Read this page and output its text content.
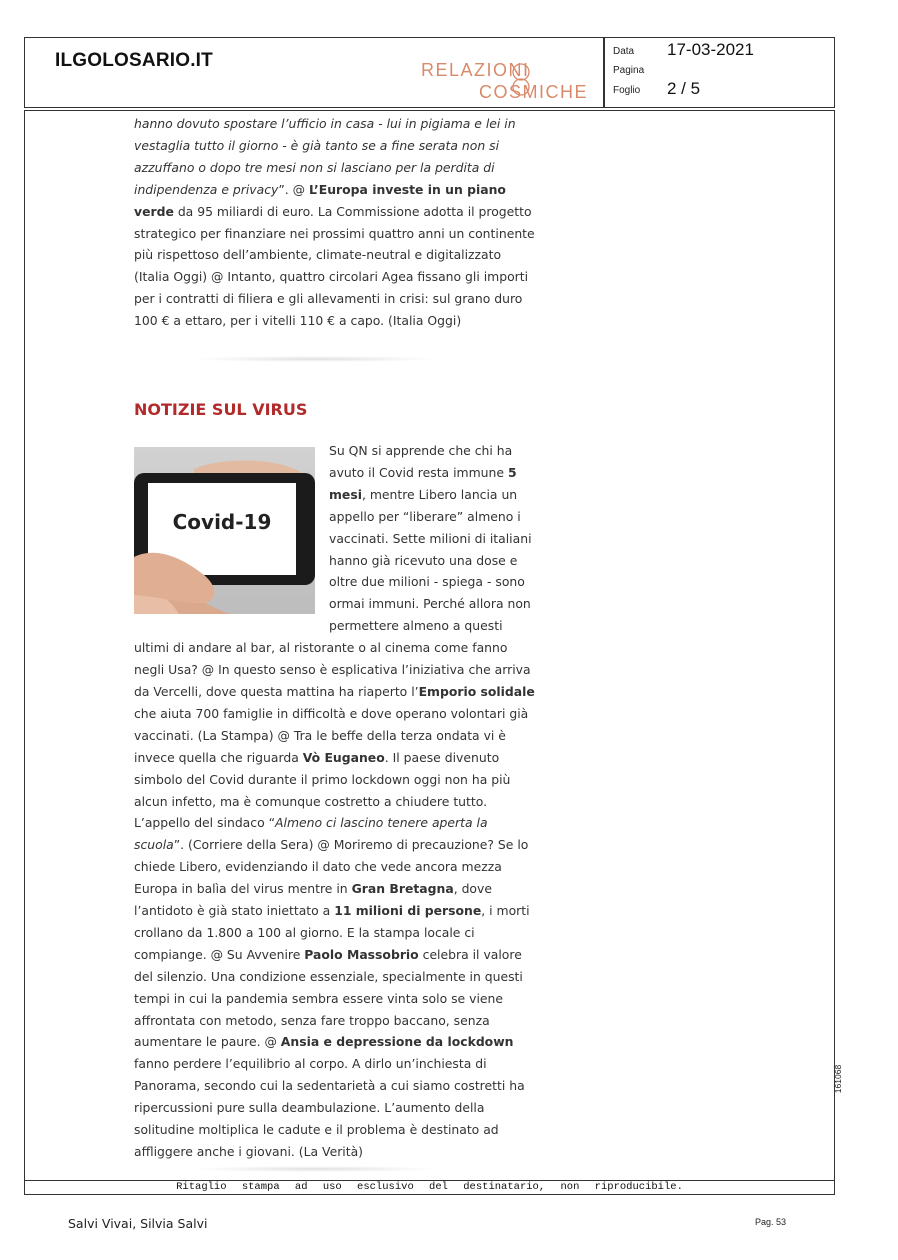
ILGOLOSARIO.IT	RELAZIONI
COSMICHE
Data 17-03-2021
Pagina
Foglio 2 / 5
hanno dovuto spostare l’ufficio in casa - lui in pigiama e lei in vestaglia tutto il giorno - è già tanto se a fine serata non si azzuffano o dopo tre mesi non si lasciano per la perdita di indipendenza e privacy”. @ L’Europa investe in un piano verde da 95 miliardi di euro. La Commissione adotta il progetto strategico per finanziare nei prossimi quattro anni un continente più rispettoso dell’ambiente, climate-neutral e digitalizzato (Italia Oggi) @ Intanto, quattro circolari Agea fissano gli importi per i contratti di filiera e gli allevamenti in crisi: sul grano duro 100 € a ettaro, per i vitelli 110 € a capo. (Italia Oggi)
NOTIZIE SUL VIRUS
Covid-19
Su QN si apprende che chi ha avuto il Covid resta immune 5 mesi, mentre Libero lancia un appello per “liberare” almeno i vaccinati. Sette milioni di italiani hanno già ricevuto una dose e oltre due milioni - spiega - sono ormai immuni. Perché allora non permettere almeno a questi ultimi di andare al bar, al ristorante o al cinema come fanno negli Usa? @ In questo senso è esplicativa l’iniziativa che arriva da Vercelli, dove questa mattina ha riaperto l’Emporio solidale che aiuta 700 famiglie in difficoltà e dove operano volontari già vaccinati. (La Stampa) @ Tra le beffe della terza ondata vi è invece quella che riguarda Vò Euganeo. Il paese divenuto simbolo del Covid durante il primo lockdown oggi non ha più alcun infetto, ma è comunque costretto a chiudere tutto. L’appello del sindaco “Almeno ci lascino tenere aperta la scuola”. (Corriere della Sera) @ Moriremo di precauzione? Se lo chiede Libero, evidenziando il dato che vede ancora mezza Europa in balìa del virus mentre in Gran Bretagna, dove l’antidoto è già stato iniettato a 11 milioni di persone, i morti crollano da 1.800 a 100 al giorno. E la stampa locale ci compiange. @ Su Avvenire Paolo Massobrio celebra il valore del silenzio. Una condizione essenziale, specialmente in questi tempi in cui la pandemia sembra essere vinta solo se viene affrontata con metodo, senza fare troppo baccano, senza aumentare le paure. @ Ansia e depressione da lockdown fanno perdere l’equilibrio al corpo. A dirlo un’inchiesta di Panorama, secondo cui la sedentarietà a cui siamo costretti ha ripercussioni pure sulla deambulazione. L’aumento della solitudine moltiplica le cadute e il problema è destinato ad affliggere anche i giovani. (La Verità)
Ritaglio stampa ad uso esclusivo del destinatario, non riproducibile.
161068
Salvi Vivai, Silvia Salvi	Pag. 53
